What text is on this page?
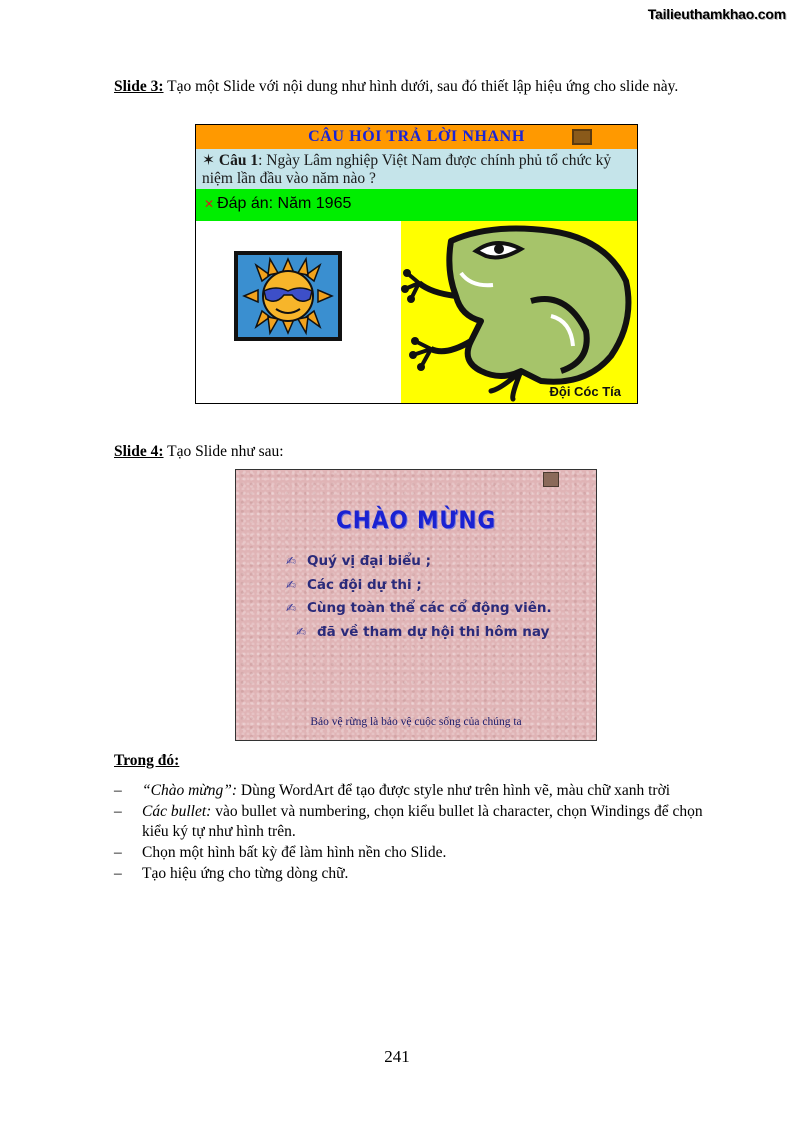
Tailieuthamkhao.com
Slide 3: Tạo một Slide với nội dung như hình dưới, sau đó thiết lập hiệu ứng cho slide này.
CÂU HỎI TRẢ LỜI NHANH
✶ Câu 1: Ngày Lâm nghiệp Việt Nam được chính phủ tổ chức kỷ niệm lần đầu vào năm nào ?
✕ Đáp án: Năm 1965
Đội Cóc Tía
Slide 4: Tạo Slide như sau:
CHÀO MỪNG
✍ Quý vị đại biểu ;
✍ Các đội dự thi ;
✍ Cùng toàn thể các cổ động viên.
✍ đã về tham dự hội thi hôm nay
Bảo vệ rừng là bảo vệ cuộc sống của chúng ta
Trong đó:
– “Chào mừng”: Dùng WordArt để tạo được style như trên hình vẽ, màu chữ xanh trời
– Các bullet: vào bullet và numbering, chọn kiểu bullet là character, chọn Windings để chọn kiểu ký tự như hình trên.
– Chọn một hình bất kỳ để làm hình nền cho Slide.
– Tạo hiệu ứng cho từng dòng chữ.
241
